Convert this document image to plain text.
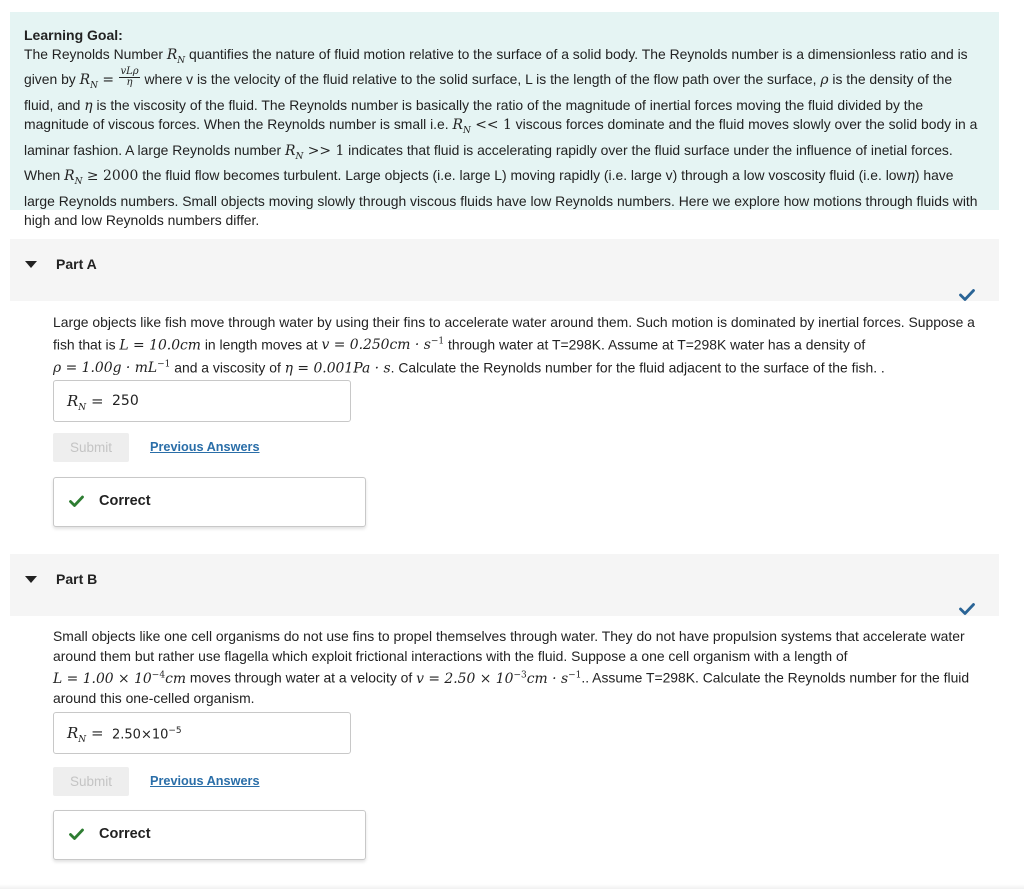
Learning Goal:
The Reynolds Number $R_N$ quantifies the nature of fluid motion relative to the surface of a solid body. The Reynolds number is a dimensionless ratio and is given by $R_N = \frac{\text{vLρ}}{\eta}$ where v is the velocity of the fluid relative to the solid surface, L is the length of the flow path over the surface, ρ is the density of the fluid, and η is the viscosity of the fluid. The Reynolds number is basically the ratio of the magnitude of inertial forces moving the fluid divided by the magnitude of viscous forces. When the Reynolds number is small i.e. $R_N << 1$ viscous forces dominate and the fluid moves slowly over the solid body in a laminar fashion. A large Reynolds number $R_N >> 1$ indicates that fluid is accelerating rapidly over the fluid surface under the influence of inetial forces. When $R_N \ge 2000$ the fluid flow becomes turbulent. Large objects (i.e. large L) moving rapidly (i.e. large v) through a low voscosity fluid (i.e. lowη) have large Reynolds numbers. Small objects moving slowly through viscous fluids have low Reynolds numbers. Here we explore how motions through fluids with high and low Reynolds numbers differ.
Part A
Large objects like fish move through water by using their fins to accelerate water around them. Such motion is dominated by inertial forces. Suppose a fish that is L = 10.0cm in length moves at $v = 0.250cm \cdot s^{-1}$ through water at T=298K. Assume at T=298K water has a density of
$\rho = 1.00g \cdot mL^{-1}$ and a viscosity of η = 0.001Pa · s. Calculate the Reynolds number for the fluid adjacent to the surface of the fish. .
$R_N = 250$
Submit	Previous Answers
Correct
Part B
Small objects like one cell organisms do not use fins to propel themselves through water. They do not have propulsion systems that accelerate water around them but rather use flagella which exploit frictional interactions with the fluid. Suppose a one cell organism with a length of
$L = 1.00 \times 10^{-4}cm$ moves through water at a velocity of $v = 2.50 \times 10^{-3}cm \cdot s^{-1}$.. Assume T=298K. Calculate the Reynolds number for the fluid around this one-celled organism.
$R_N = 2.50\times 10^{-5}$
Submit	Previous Answers
Correct
